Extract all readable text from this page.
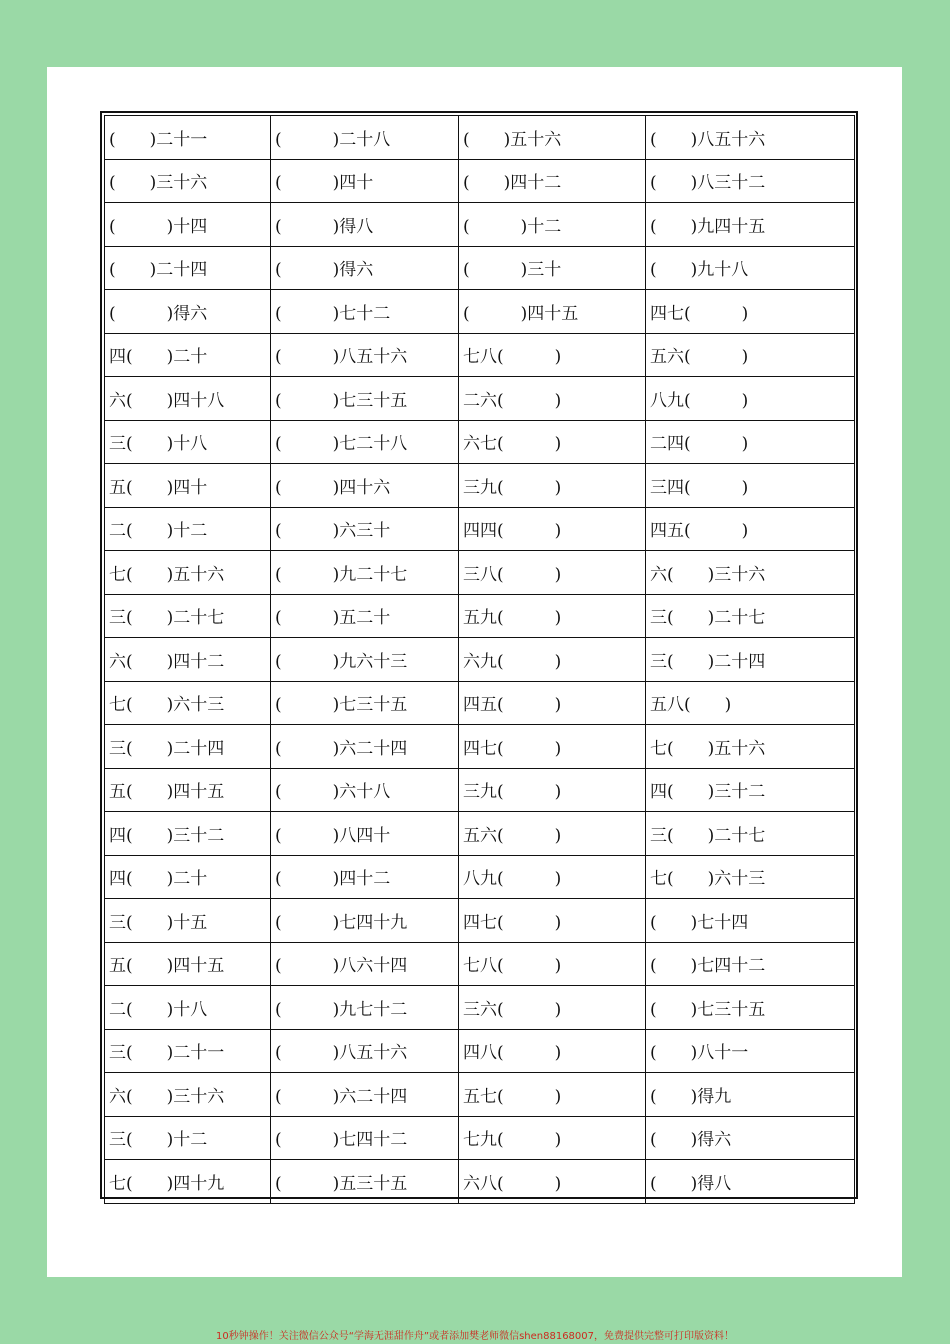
(　　)二十一	(　　　)二十八	(　　)五十六	(　　)八五十六
(　　)三十六	(　　　)四十	(　　)四十二	(　　)八三十二
(　　　)十四	(　　　)得八	(　　　)十二	(　　)九四十五
(　　)二十四	(　　　)得六	(　　　)三十	(　　)九十八
(　　　)得六	(　　　)七十二	(　　　)四十五	四七(　　　)
四(　　)二十	(　　　)八五十六	七八(　　　)	五六(　　　)
六(　　)四十八	(　　　)七三十五	二六(　　　)	八九(　　　)
三(　　)十八	(　　　)七二十八	六七(　　　)	二四(　　　)
五(　　)四十	(　　　)四十六	三九(　　　)	三四(　　　)
二(　　)十二	(　　　)六三十	四四(　　　)	四五(　　　)
七(　　)五十六	(　　　)九二十七	三八(　　　)	六(　　)三十六
三(　　)二十七	(　　　)五二十	五九(　　　)	三(　　)二十七
六(　　)四十二	(　　　)九六十三	六九(　　　)	三(　　)二十四
七(　　)六十三	(　　　)七三十五	四五(　　　)	五八(　　)
三(　　)二十四	(　　　)六二十四	四七(　　　)	七(　　)五十六
五(　　)四十五	(　　　)六十八	三九(　　　)	四(　　)三十二
四(　　)三十二	(　　　)八四十	五六(　　　)	三(　　)二十七
四(　　)二十	(　　　)四十二	八九(　　　)	七(　　)六十三
三(　　)十五	(　　　)七四十九	四七(　　　)	(　　)七十四
五(　　)四十五	(　　　)八六十四	七八(　　　)	(　　)七四十二
二(　　)十八	(　　　)九七十二	三六(　　　)	(　　)七三十五
三(　　)二十一	(　　　)八五十六	四八(　　　)	(　　)八十一
六(　　)三十六	(　　　)六二十四	五七(　　　)	(　　)得九
三(　　)十二	(　　　)七四十二	七九(　　　)	(　　)得六
七(　　)四十九	(　　　)五三十五	六八(　　　)	(　　)得八
10秒钟操作！关注微信公众号“学海无涯甜作舟”或者添加樊老师微信shen88168007，免费提供完整可打印版资料！
